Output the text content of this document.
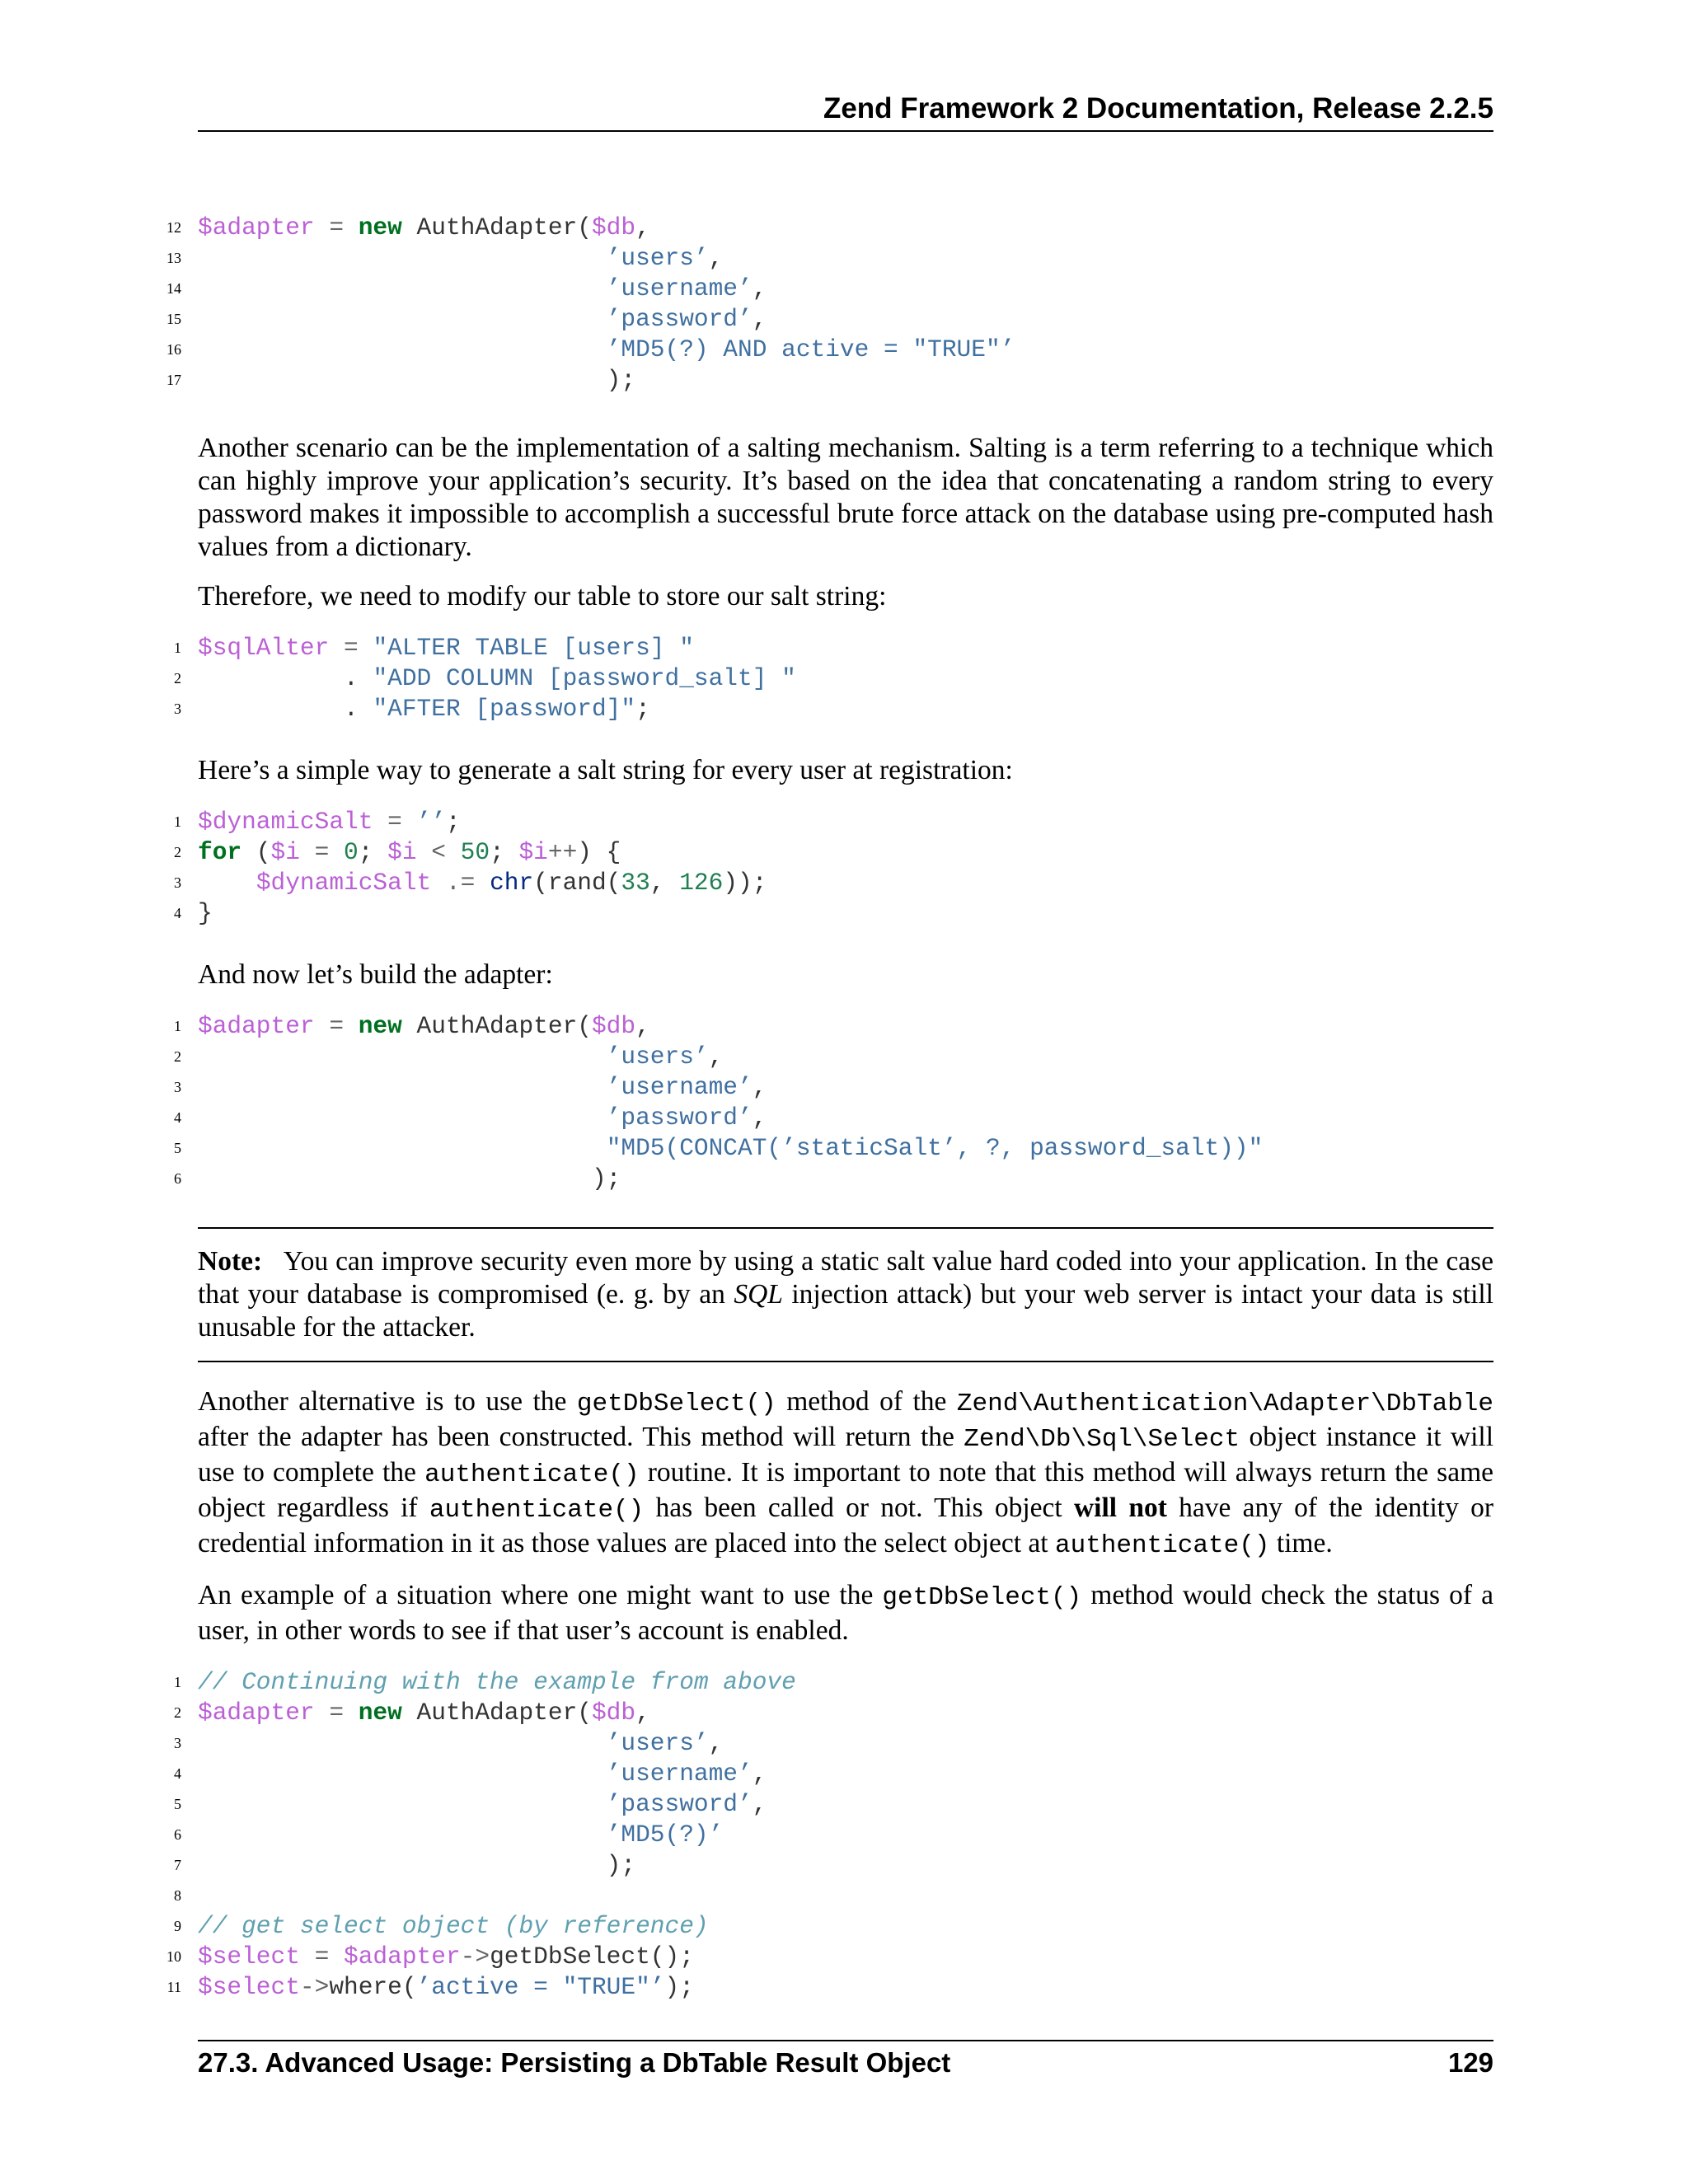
Zend Framework 2 Documentation, Release 2.2.5
12 $adapter = new AuthAdapter($db,
13	’users’,
14	’username’,
15	’password’,
16	’MD5(?) AND active = "TRUE"’
17 );

Another scenario can be the implementation of a salting mechanism. Salting is a term referring to a technique which can highly improve your application’s security. It’s based on the idea that concatenating a random string to every password makes it impossible to accomplish a successful brute force attack on the database using pre-computed hash values from a dictionary.

Therefore, we need to modify our table to store our salt string:

1 $sqlAlter = "ALTER TABLE [users] "
2 . "ADD COLUMN [password_salt] "
3 . "AFTER [password]";

Here’s a simple way to generate a salt string for every user at registration:

1 $dynamicSalt = ’’;
2 for ($i = 0; $i < 50; $i++) {
3	$dynamicSalt .= chr(rand(33, 126));
4 }

And now let’s build the adapter:

1 $adapter = new AuthAdapter($db,
2	’users’,
3	’username’,
4	’password’,
5	"MD5(CONCAT(’staticSalt’, ?, password_salt))"
6 );

Note: You can improve security even more by using a static salt value hard coded into your application. In the case that your database is compromised (e. g. by an SQL injection attack) but your web server is intact your data is still unusable for the attacker.

Another alternative is to use the getDbSelect() method of the Zend\Authentication\Adapter\DbTable after the adapter has been constructed. This method will return the Zend\Db\Sql\Select object instance it will use to complete the authenticate() routine. It is important to note that this method will always return the same object regardless if authenticate() has been called or not. This object will not have any of the identity or credential information in it as those values are placed into the select object at authenticate() time.

An example of a situation where one might want to use the getDbSelect() method would check the status of a user, in other words to see if that user’s account is enabled.

1 // Continuing with the example from above
2 $adapter = new AuthAdapter($db,
3	’users’,
4	’username’,
5	’password’,
6	’MD5(?)’
7 );
8
9 // get select object (by reference)
10 $select = $adapter->getDbSelect();
11 $select->where(’active = "TRUE"’);
27.3. Advanced Usage: Persisting a DbTable Result Object	129
